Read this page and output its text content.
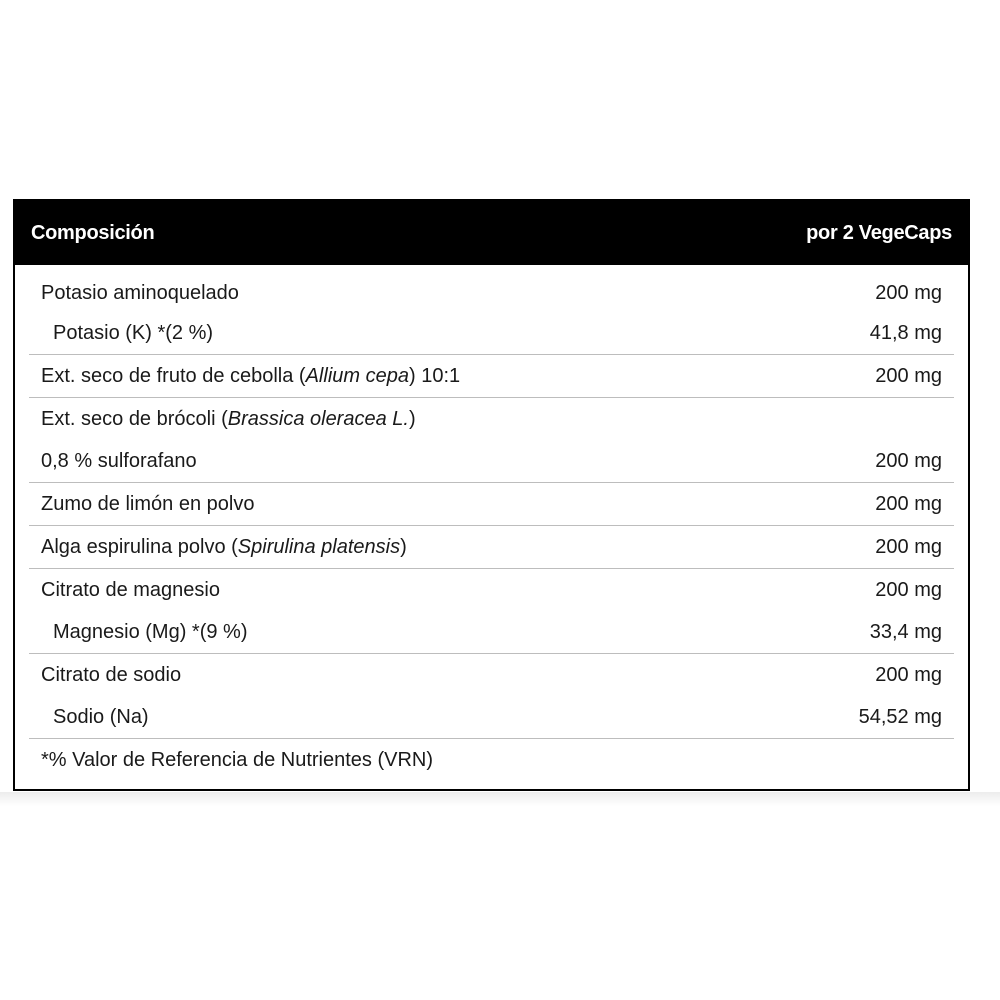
Composición	por 2 VegeCaps
Potasio aminoquelado	200 mg
Potasio (K) *(2 %)	41,8 mg
Ext. seco de fruto de cebolla (Allium cepa) 10:1	200 mg
Ext. seco de brócoli (Brassica oleracea L.)
0,8 % sulforafano	200 mg
Zumo de limón en polvo	200 mg
Alga espirulina polvo (Spirulina platensis)	200 mg
Citrato de magnesio	200 mg
Magnesio (Mg) *(9 %)	33,4 mg
Citrato de sodio	200 mg
Sodio (Na)	54,52 mg
*% Valor de Referencia de Nutrientes (VRN)
